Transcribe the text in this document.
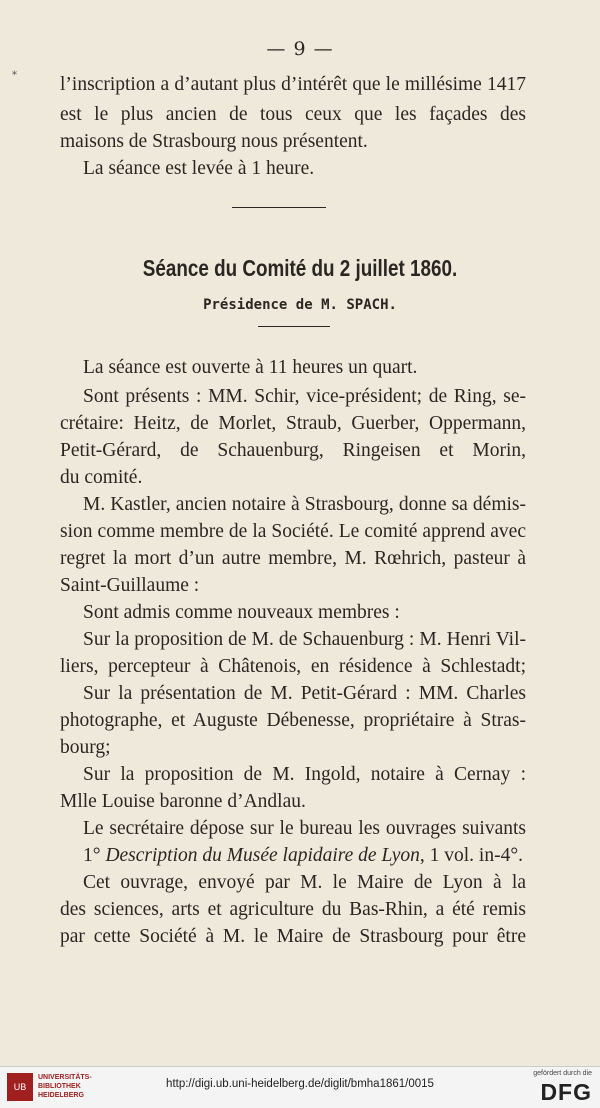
— 9 —
* l’inscription a d’autant plus d’intérêt que le millésime 1417
est le plus ancien de tous ceux que les façades des
maisons de Strasbourg nous présentent.
La séance est levée à 1 heure.
Séance du Comité du 2 juillet 1860.
Présidence de M. SPACH.
La séance est ouverte à 11 heures un quart.
Sont présents : MM. Schir, vice-président; de Ring, se-
crétaire: Heitz, de Morlet, Straub, Guerber, Oppermann,
Petit-Gérard, de Schauenburg, Ringeisen et Morin,
du comité.
M. Kastler, ancien notaire à Strasbourg, donne sa démis-
sion comme membre de la Société. Le comité apprend avec
regret la mort d’un autre membre, M. Rœhrich, pasteur à
Saint-Guillaume :
Sont admis comme nouveaux membres :
Sur la proposition de M. de Schauenburg : M. Henri Vil-
liers, percepteur à Châtenois, en résidence à Schlestadt;
Sur la présentation de M. Petit-Gérard : MM. Charles
photographe, et Auguste Débenesse, propriétaire à Stras-
bourg;
Sur la proposition de M. Ingold, notaire à Cernay :
Mlle Louise baronne d’Andlau.
Le secrétaire dépose sur le bureau les ouvrages suivants
1° Description du Musée lapidaire de Lyon, 1 vol. in-4°.
Cet ouvrage, envoyé par M. le Maire de Lyon à la
des sciences, arts et agriculture du Bas-Rhin, a été remis
par cette Société à M. le Maire de Strasbourg pour être
UB
UNIVERSITÄTS-
BIBLIOTHEK
HEIDELBERG
http://digi.ub.uni-heidelberg.de/diglit/bmha1861/0015
gefördert durch die
DFG
